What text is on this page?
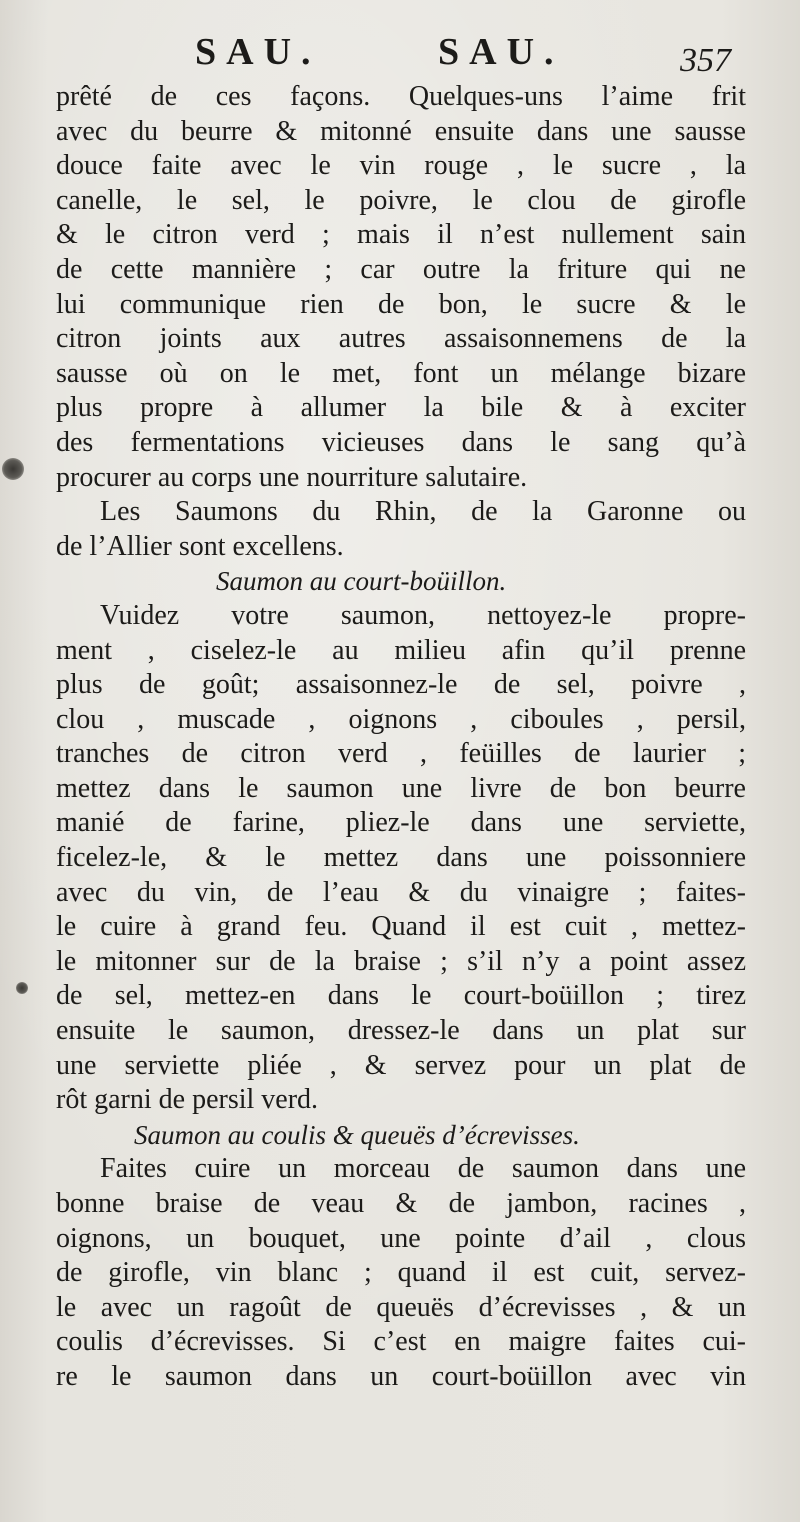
SAU.	SAU.	357
prêté de ces façons. Quelques-uns l’aime frit
avec du beurre & mitonné ensuite dans une sausse
douce faite avec le vin rouge , le sucre , la
canelle, le sel, le poivre, le clou de girofle
& le citron verd ; mais il n’est nullement sain
de cette mannière ; car outre la friture qui ne
lui communique rien de bon, le sucre & le
citron joints aux autres assaisonnemens de la
sausse où on le met, font un mélange bizare
plus propre à allumer la bile & à exciter
des fermentations vicieuses dans le sang qu’à
procurer au corps une nourriture salutaire.
Les Saumons du Rhin, de la Garonne ou
de l’Allier sont excellens.
Saumon au court-boüillon.
Vuidez votre saumon, nettoyez-le propre-
ment , ciselez-le au milieu afin qu’il prenne
plus de goût; assaisonnez-le de sel, poivre ,
clou , muscade , oignons , ciboules , persil,
tranches de citron verd , feüilles de laurier ;
mettez dans le saumon une livre de bon beurre
manié de farine, pliez-le dans une serviette,
ficelez-le, & le mettez dans une poissonniere
avec du vin, de l’eau & du vinaigre ; faites-
le cuire à grand feu. Quand il est cuit , mettez-
le mitonner sur de la braise ; s’il n’y a point assez
de sel, mettez-en dans le court-boüillon ; tirez
ensuite le saumon, dressez-le dans un plat sur
une serviette pliée , & servez pour un plat de
rôt garni de persil verd.
Saumon au coulis & queuës d’écrevisses.
Faites cuire un morceau de saumon dans une
bonne braise de veau & de jambon, racines ,
oignons, un bouquet, une pointe d’ail , clous
de girofle, vin blanc ; quand il est cuit, servez-
le avec un ragoût de queuës d’écrevisses , & un
coulis d’écrevisses. Si c’est en maigre faites cui-
re le saumon dans un court-boüillon avec vin
